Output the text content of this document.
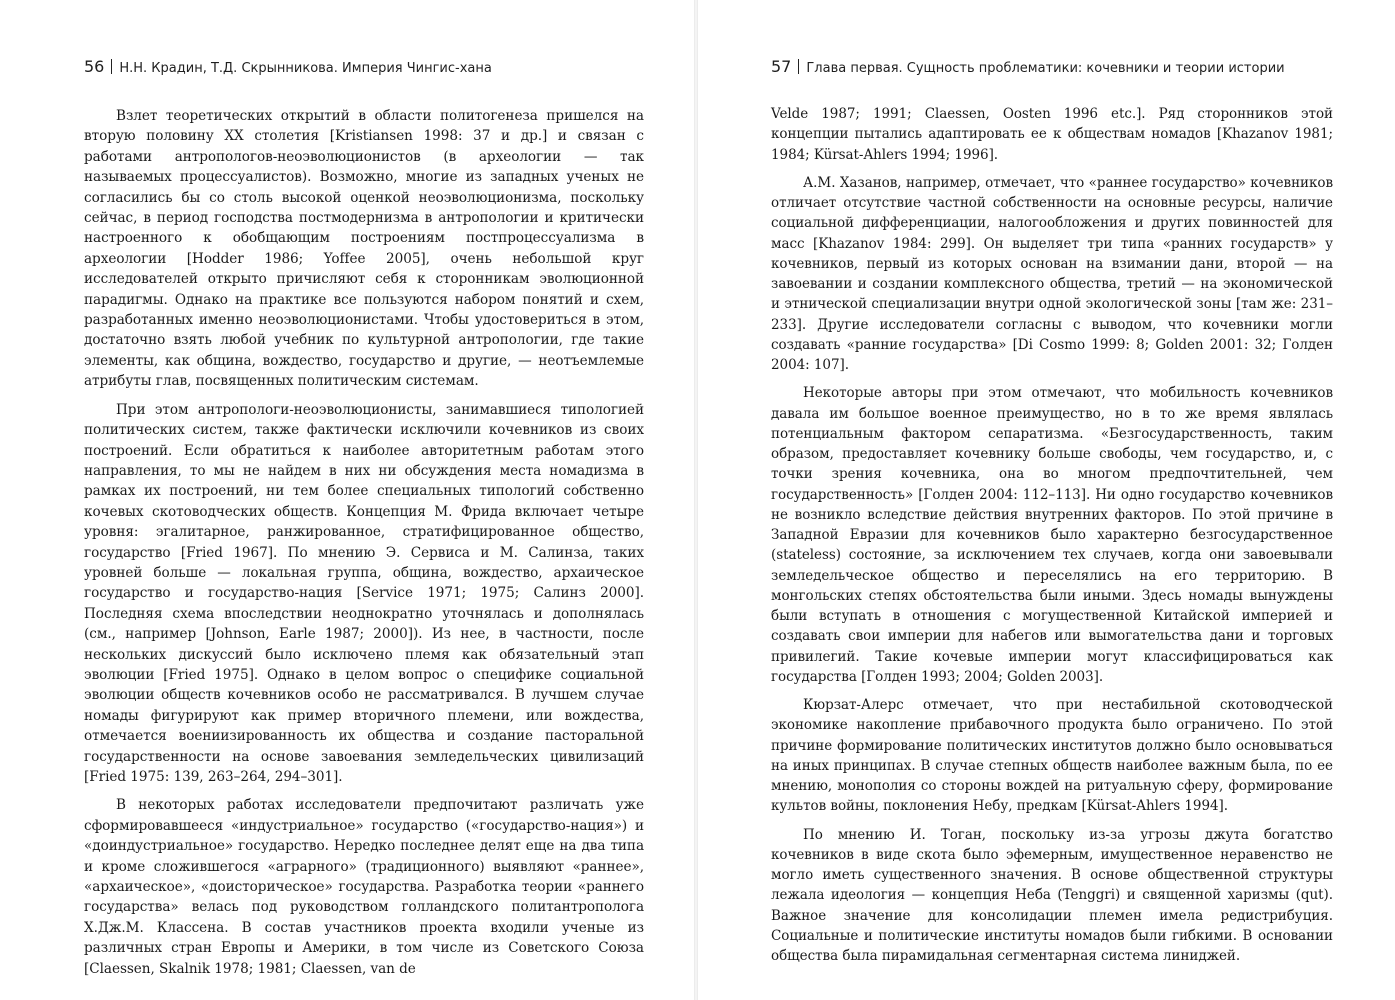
56 Н.Н. Крадин, Т.Д. Скрынникова. Империя Чингис-хана

Взлет теоретических открытий в области политогенеза пришелся на вторую половину XX столетия [Kristiansen 1998: 37 и др.] и связан с работами антропологов-неоэволюционистов (в археологии — так называемых процессуалистов). Возможно, многие из западных ученых не согласились бы со столь высокой оценкой неоэволюционизма, поскольку сейчас, в период господства постмодернизма в антропологии и критически настроенного к обобщающим построениям постпроцессуализма в археологии [Hodder 1986; Yoffee 2005], очень небольшой круг исследователей открыто причисляют себя к сторонникам эволюционной парадигмы. Однако на практике все пользуются набором понятий и схем, разработанных именно неоэволюционистами. Чтобы удостовериться в этом, достаточно взять любой учебник по культурной антропологии, где такие элементы, как община, вождество, государство и другие, — неотъемлемые атрибуты глав, посвященных политическим системам.

При этом антропологи-неоэволюционисты, занимавшиеся типологией политических систем, также фактически исключили кочевников из своих построений. Если обратиться к наиболее авторитетным работам этого направления, то мы не найдем в них ни обсуждения места номадизма в рамках их построений, ни тем более специальных типологий собственно кочевых скотоводческих обществ. Концепция М. Фрида включает четыре уровня: эгалитарное, ранжированное, стратифицированное общество, государство [Fried 1967]. По мнению Э. Сервиса и М. Салинза, таких уровней больше — локальная группа, община, вождество, архаическое государство и государство-нация [Service 1971; 1975; Салинз 2000]. Последняя схема впоследствии неоднократно уточнялась и дополнялась (см., например [Johnson, Earle 1987; 2000]). Из нее, в частности, после нескольких дискуссий было исключено племя как обязательный этап эволюции [Fried 1975]. Однако в целом вопрос о специфике социальной эволюции обществ кочевников особо не рассматривался. В лучшем случае номады фигурируют как пример вторичного племени, или вождества, отмечается воениизированность их общества и создание пасторальной государственности на основе завоевания земледельческих цивилизаций [Fried 1975: 139, 263–264, 294–301].

В некоторых работах исследователи предпочитают различать уже сформировавшееся «индустриальное» государство («государство-нация») и «доиндустриальное» государство. Нередко последнее делят еще на два типа и кроме сложившегося «аграрного» (традиционного) выявляют «раннее», «архаическое», «доисторическое» государства. Разработка теории «раннего государства» велась под руководством голландского политантрополога Х.Дж.М. Классена. В состав участников проекта входили ученые из различных стран Европы и Америки, в том числе из Советского Союза [Claessen, Skalnik 1978; 1981; Claessen, van de

57 Глава первая. Сущность проблематики: кочевники и теории истории

Velde 1987; 1991; Claessen, Oosten 1996 etc.]. Ряд сторонников этой концепции пытались адаптировать ее к обществам номадов [Khazanov 1981; 1984; Kürsat-Ahlers 1994; 1996].

А.М. Хазанов, например, отмечает, что «раннее государство» кочевников отличает отсутствие частной собственности на основные ресурсы, наличие социальной дифференциации, налогообложения и других повинностей для масс [Khazanov 1984: 299]. Он выделяет три типа «ранних государств» у кочевников, первый из которых основан на взимании дани, второй — на завоевании и создании комплексного общества, третий — на экономической и этнической специализации внутри одной экологической зоны [там же: 231–233]. Другие исследователи согласны с выводом, что кочевники могли создавать «ранние государства» [Di Cosmo 1999: 8; Golden 2001: 32; Голден 2004: 107].

Некоторые авторы при этом отмечают, что мобильность кочевников давала им большое военное преимущество, но в то же время являлась потенциальным фактором сепаратизма. «Безгосударственность, таким образом, предоставляет кочевнику больше свободы, чем государство, и, с точки зрения кочевника, она во многом предпочтительней, чем государственность» [Голден 2004: 112–113]. Ни одно государство кочевников не возникло вследствие действия внутренних факторов. По этой причине в Западной Евразии для кочевников было характерно безгосударственное (stateless) состояние, за исключением тех случаев, когда они завоевывали земледельческое общество и переселялись на его территорию. В монгольских степях обстоятельства были иными. Здесь номады вынуждены были вступать в отношения с могущественной Китайской империей и создавать свои империи для набегов или вымогательства дани и торговых привилегий. Такие кочевые империи могут классифицироваться как государства [Голден 1993; 2004; Golden 2003].

Кюрзат-Алерс отмечает, что при нестабильной скотоводческой экономике накопление прибавочного продукта было ограничено. По этой причине формирование политических институтов должно было основываться на иных принципах. В случае степных обществ наиболее важным была, по ее мнению, монополия со стороны вождей на ритуальную сферу, формирование культов войны, поклонения Небу, предкам [Kürsat-Ahlers 1994].

По мнению И. Тоган, поскольку из-за угрозы джута богатство кочевников в виде скота было эфемерным, имущественное неравенство не могло иметь существенного значения. В основе общественной структуры лежала идеология — концепция Неба (Tenggri) и священной харизмы (qut). Важное значение для консолидации племен имела редистрибуция. Социальные и политические институты номадов были гибкими. В основании общества была пирамидальная сегментарная система линиджей.
